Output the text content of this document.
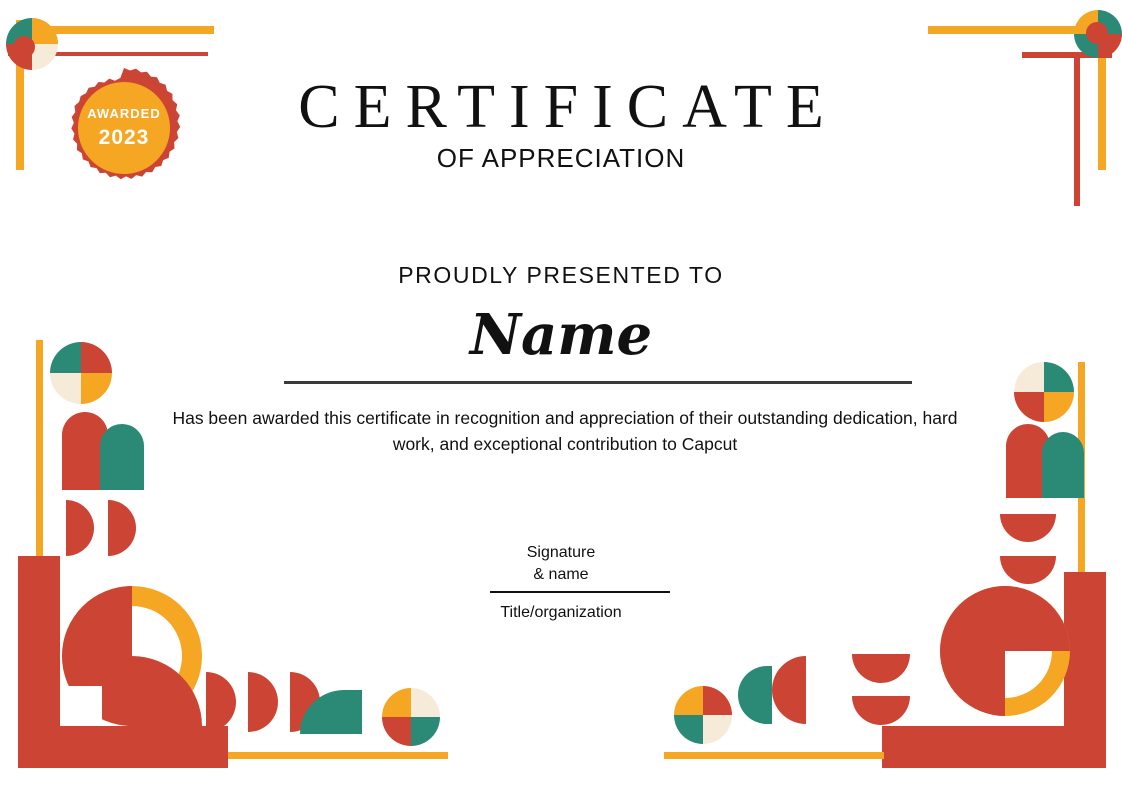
AWARDED
2023	CERTIFICATE
OF APPRECIATION
PROUDLY PRESENTED TO
Name
Has been awarded this certificate in recognition and appreciation of their outstanding dedication, hard work, and exceptional contribution to Capcut
Signature
& name
Title/organization
